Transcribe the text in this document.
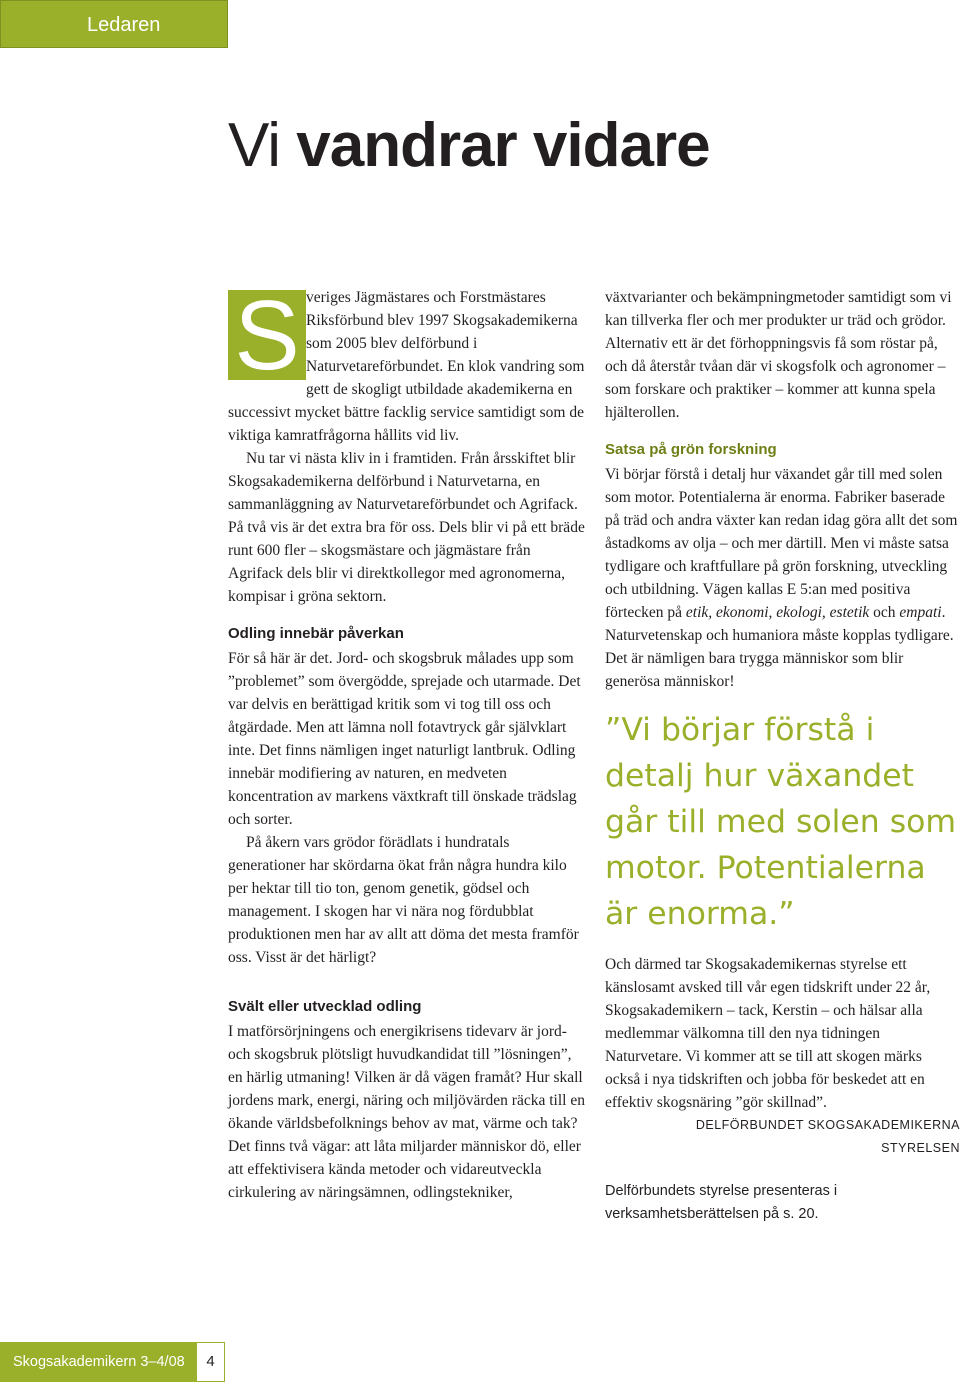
Ledaren
Vi vandrar vidare
S veriges Jägmästares och Forstmästares Riksförbund blev 1997 Skogsakademikerna som 2005 blev delförbund i Naturvetareförbundet. En klok vandring som gett de skogligt utbildade akademikerna en successivt mycket bättre facklig service samtidigt som de viktiga kamratfrågorna hållits vid liv.

Nu tar vi nästa kliv in i framtiden. Från årsskiftet blir Skogsakademikerna delförbund i Naturvetarna, en sammanläggning av Naturvetareförbundet och Agrifack. På två vis är det extra bra för oss. Dels blir vi på ett bräde runt 600 fler – skogsmästare och jägmästare från Agrifack dels blir vi direktkollegor med agronomerna, kompisar i gröna sektorn.

Odling innebär påverkan

För så här är det. Jord- och skogsbruk målades upp som ”problemet” som övergödde, sprejade och utarmade. Det var delvis en berättigad kritik som vi tog till oss och åtgärdade. Men att lämna noll fotavtryck går självklart inte. Det finns nämligen inget naturligt lantbruk. Odling innebär modifiering av naturen, en medveten koncentration av markens växtkraft till önskade trädslag och sorter.

På åkern vars grödor förädlats i hundratals generationer har skördarna ökat från några hundra kilo per hektar till tio ton, genom genetik, gödsel och management. I skogen har vi nära nog fördubblat produktionen men har av allt att döma det mesta framför oss. Visst är det härligt?

Svält eller utvecklad odling

I matförsörjningens och energikrisens tidevarv är jord- och skogsbruk plötsligt huvudkandidat till ”lösningen”, en härlig utmaning! Vilken är då vägen framåt? Hur skall jordens mark, energi, näring och miljövärden räcka till en ökande världsbefolknings behov av mat, värme och tak? Det finns två vägar: att låta miljarder människor dö, eller att effektivisera kända metoder och vidareutveckla cirkulering av näringsämnen, odlingstekniker,

växtvarianter och bekämpningmetoder samtidigt som vi kan tillverka fler och mer produkter ur träd och grödor. Alternativ ett är det förhoppningsvis få som röstar på, och då återstår tvåan där vi skogsfolk och agronomer – som forskare och praktiker – kommer att kunna spela hjälterollen.

Satsa på grön forskning

Vi börjar förstå i detalj hur växandet går till med solen som motor. Potentialerna är enorma. Fabriker baserade på träd och andra växter kan redan idag göra allt det som åstadkoms av olja – och mer därtill. Men vi måste satsa tydligare och kraftfullare på grön forskning, utveckling och utbildning. Vägen kallas E 5:an med positiva förtecken på etik, ekonomi, ekologi, estetik och empati. Naturvetenskap och humaniora måste kopplas tydligare. Det är nämligen bara trygga människor som blir generösa människor!

”Vi börjar förstå i detalj hur växandet går till med solen som motor. Potentialerna är enorma.”

Och därmed tar Skogsakademikernas styrelse ett känslosamt avsked till vår egen tidskrift under 22 år, Skogsakademikern – tack, Kerstin – och hälsar alla medlemmar välkomna till den nya tidningen Naturvetare. Vi kommer att se till att skogen märks också i nya tidskriften och jobba för beskedet att en effektiv skogsnäring ”gör skillnad”.

DELFÖRBUNDET SKOGSAKADEMIKERNA

STYRELSEN

Delförbundets styrelse presenteras i verksamhetsberättelsen på s. 20.
Skogsakademikern 3–4/08	4
